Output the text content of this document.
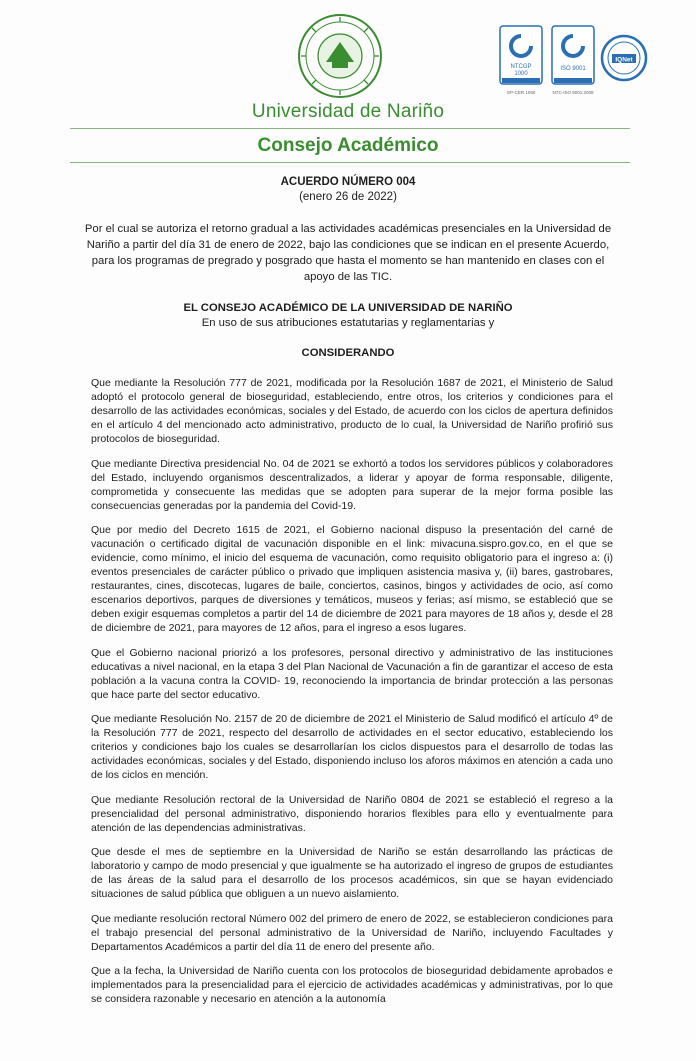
NTCGP
1000
GP-CER 1090
ISO 9001
NTC-ISO 9001:2008
IQNet
Universidad de Nariño
Consejo Académico
ACUERDO NÚMERO 004
(enero 26 de 2022)
Por el cual se autoriza el retorno gradual a las actividades académicas presenciales en la Universidad de Nariño a partir del día 31 de enero de 2022, bajo las condiciones que se indican en el presente Acuerdo, para los programas de pregrado y posgrado que hasta el momento se han mantenido en clases con el apoyo de las TIC.
EL CONSEJO ACADÉMICO DE LA UNIVERSIDAD DE NARIÑO
En uso de sus atribuciones estatutarias y reglamentarias y
CONSIDERANDO

Que mediante la Resolución 777 de 2021, modificada por la Resolución 1687 de 2021, el Ministerio de Salud adoptó el protocolo general de bioseguridad, estableciendo, entre otros, los criterios y condiciones para el desarrollo de las actividades económicas, sociales y del Estado, de acuerdo con los ciclos de apertura definidos en el artículo 4 del mencionado acto administrativo, producto de lo cual, la Universidad de Nariño profirió sus protocolos de bioseguridad.

Que mediante Directiva presidencial No. 04 de 2021 se exhortó a todos los servidores públicos y colaboradores del Estado, incluyendo organismos descentralizados, a liderar y apoyar de forma responsable, diligente, comprometida y consecuente las medidas que se adopten para superar de la mejor forma posible las consecuencias generadas por la pandemia del Covid-19.

Que por medio del Decreto 1615 de 2021, el Gobierno nacional dispuso la presentación del carné de vacunación o certificado digital de vacunación disponible en el link: mivacuna.sispro.gov.co, en el que se evidencie, como mínimo, el inicio del esquema de vacunación, como requisito obligatorio para el ingreso a: (i) eventos presenciales de carácter público o privado que impliquen asistencia masiva y, (ii) bares, gastrobares, restaurantes, cines, discotecas, lugares de baile, conciertos, casinos, bingos y actividades de ocio, así como escenarios deportivos, parques de diversiones y temáticos, museos y ferias; así mismo, se estableció que se deben exigir esquemas completos a partir del 14 de diciembre de 2021 para mayores de 18 años y, desde el 28 de diciembre de 2021, para mayores de 12 años, para el ingreso a esos lugares.

Que el Gobierno nacional priorizó a los profesores, personal directivo y administrativo de las instituciones educativas a nivel nacional, en la etapa 3 del Plan Nacional de Vacunación a fin de garantizar el acceso de esta población a la vacuna contra la COVID- 19, reconociendo la importancia de brindar protección a las personas que hace parte del sector educativo.

Que mediante Resolución No. 2157 de 20 de diciembre de 2021 el Ministerio de Salud modificó el artículo 4º de la Resolución 777 de 2021, respecto del desarrollo de actividades en el sector educativo, estableciendo los criterios y condiciones bajo los cuales se desarrollarían los ciclos dispuestos para el desarrollo de todas las actividades económicas, sociales y del Estado, disponiendo incluso los aforos máximos en atención a cada uno de los ciclos en mención.

Que mediante Resolución rectoral de la Universidad de Nariño 0804 de 2021 se estableció el regreso a la presencialidad del personal administrativo, disponiendo horarios flexibles para ello y eventualmente para atención de las dependencias administrativas.

Que desde el mes de septiembre en la Universidad de Nariño se están desarrollando las prácticas de laboratorio y campo de modo presencial y que igualmente se ha autorizado el ingreso de grupos de estudiantes de las áreas de la salud para el desarrollo de los procesos académicos, sin que se hayan evidenciado situaciones de salud pública que obliguen a un nuevo aislamiento.

Que mediante resolución rectoral Número 002 del primero de enero de 2022, se establecieron condiciones para el trabajo presencial del personal administrativo de la Universidad de Nariño, incluyendo Facultades y Departamentos Académicos a partir del día 11 de enero del presente año.

Que a la fecha, la Universidad de Nariño cuenta con los protocolos de bioseguridad debidamente aprobados e implementados para la presencialidad para el ejercicio de actividades académicas y administrativas, por lo que se considera razonable y necesario en atención a la autonomía
